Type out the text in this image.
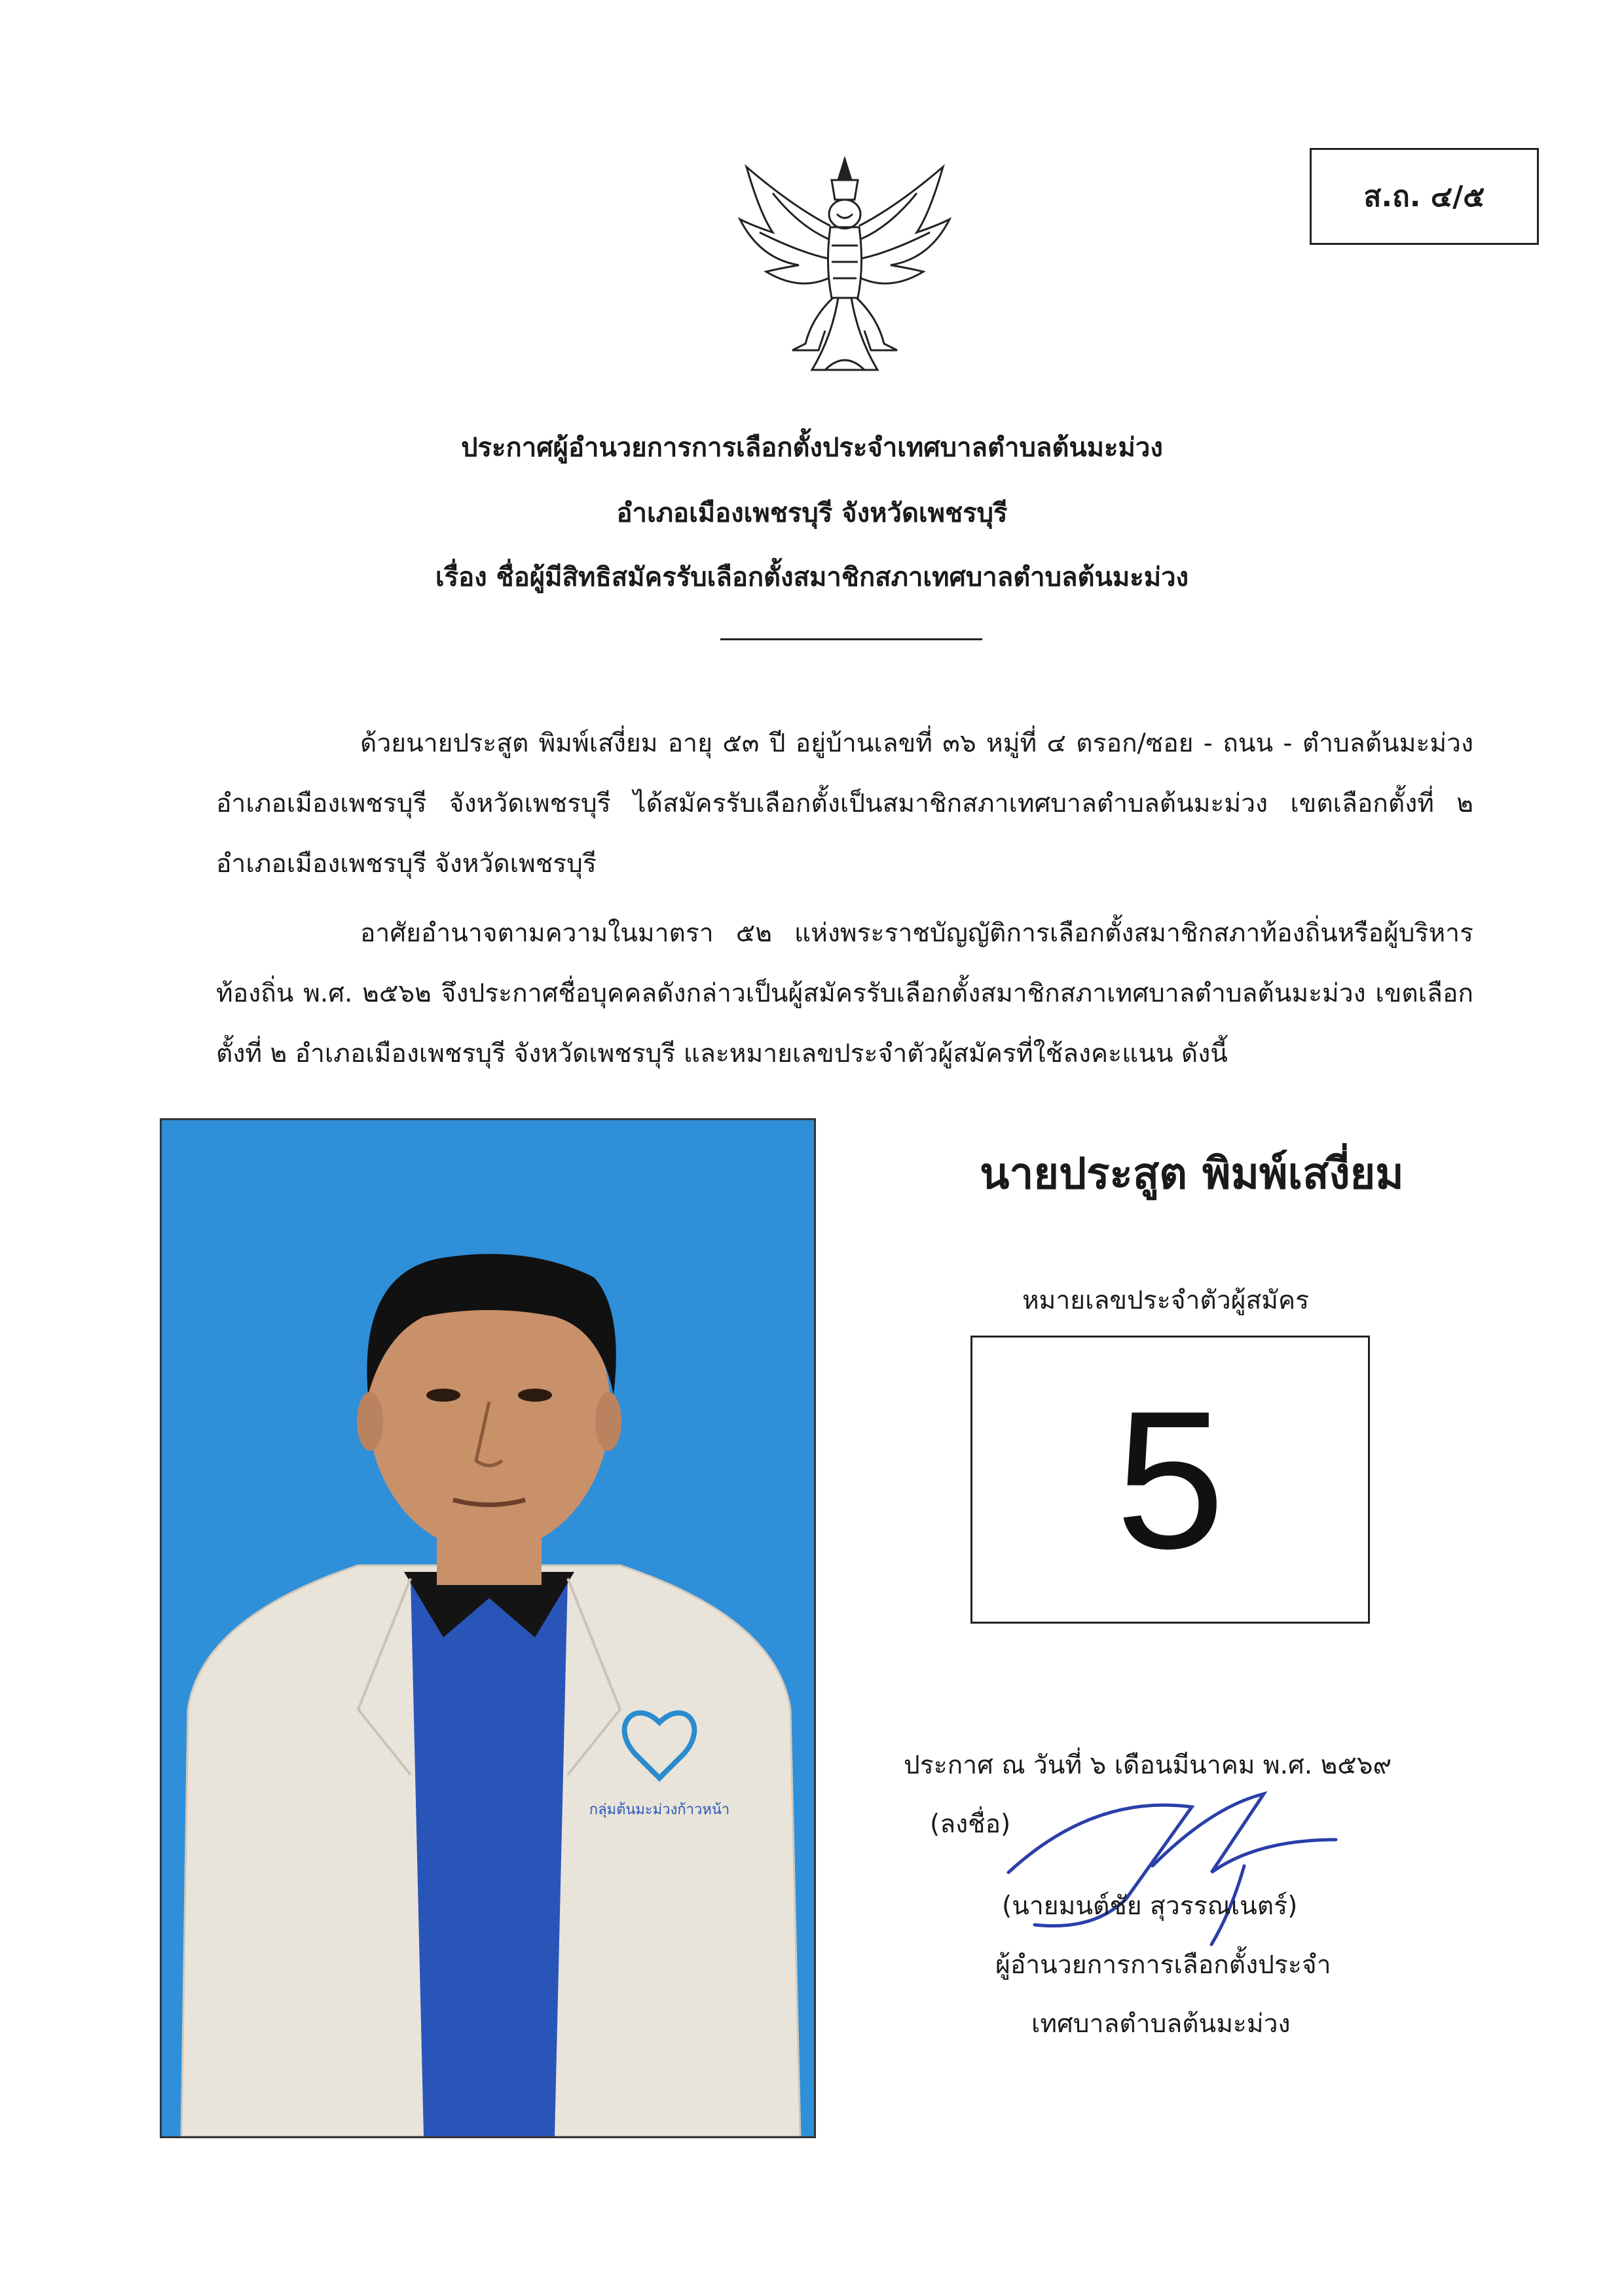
ส.ถ. ๔/๕
ประกาศผู้อำนวยการการเลือกตั้งประจำเทศบาลตำบลต้นมะม่วง
อำเภอเมืองเพชรบุรี จังหวัดเพชรบุรี
เรื่อง ชื่อผู้มีสิทธิสมัครรับเลือกตั้งสมาชิกสภาเทศบาลตำบลต้นมะม่วง

ด้วยนายประสูต พิมพ์เสงี่ยม อายุ ๕๓ ปี อยู่บ้านเลขที่ ๓๖ หมู่ที่ ๔ ตรอก/ซอย - ถนน - ตำบลต้นมะม่วง อำเภอเมืองเพชรบุรี จังหวัดเพชรบุรี ได้สมัครรับเลือกตั้งเป็นสมาชิกสภาเทศบาลตำบลต้นมะม่วง เขตเลือกตั้งที่ ๒ อำเภอเมืองเพชรบุรี จังหวัดเพชรบุรี

อาศัยอำนาจตามความในมาตรา ๕๒ แห่งพระราชบัญญัติการเลือกตั้งสมาชิกสภาท้องถิ่นหรือผู้บริหารท้องถิ่น พ.ศ. ๒๕๖๒ จึงประกาศชื่อบุคคลดังกล่าวเป็นผู้สมัครรับเลือกตั้งสมาชิกสภาเทศบาลตำบลต้นมะม่วง เขตเลือกตั้งที่ ๒ อำเภอเมืองเพชรบุรี จังหวัดเพชรบุรี และหมายเลขประจำตัวผู้สมัครที่ใช้ลงคะแนน ดังนี้

กลุ่มต้นมะม่วงก้าวหน้า
นายประสูต พิมพ์เสงี่ยม
หมายเลขประจำตัวผู้สมัคร
5
ประกาศ ณ วันที่ ๖ เดือนมีนาคม พ.ศ. ๒๕๖๙
(ลงชื่อ)
(นายมนต์ชัย สุวรรณเนตร์)
ผู้อำนวยการการเลือกตั้งประจำ
เทศบาลตำบลต้นมะม่วง
